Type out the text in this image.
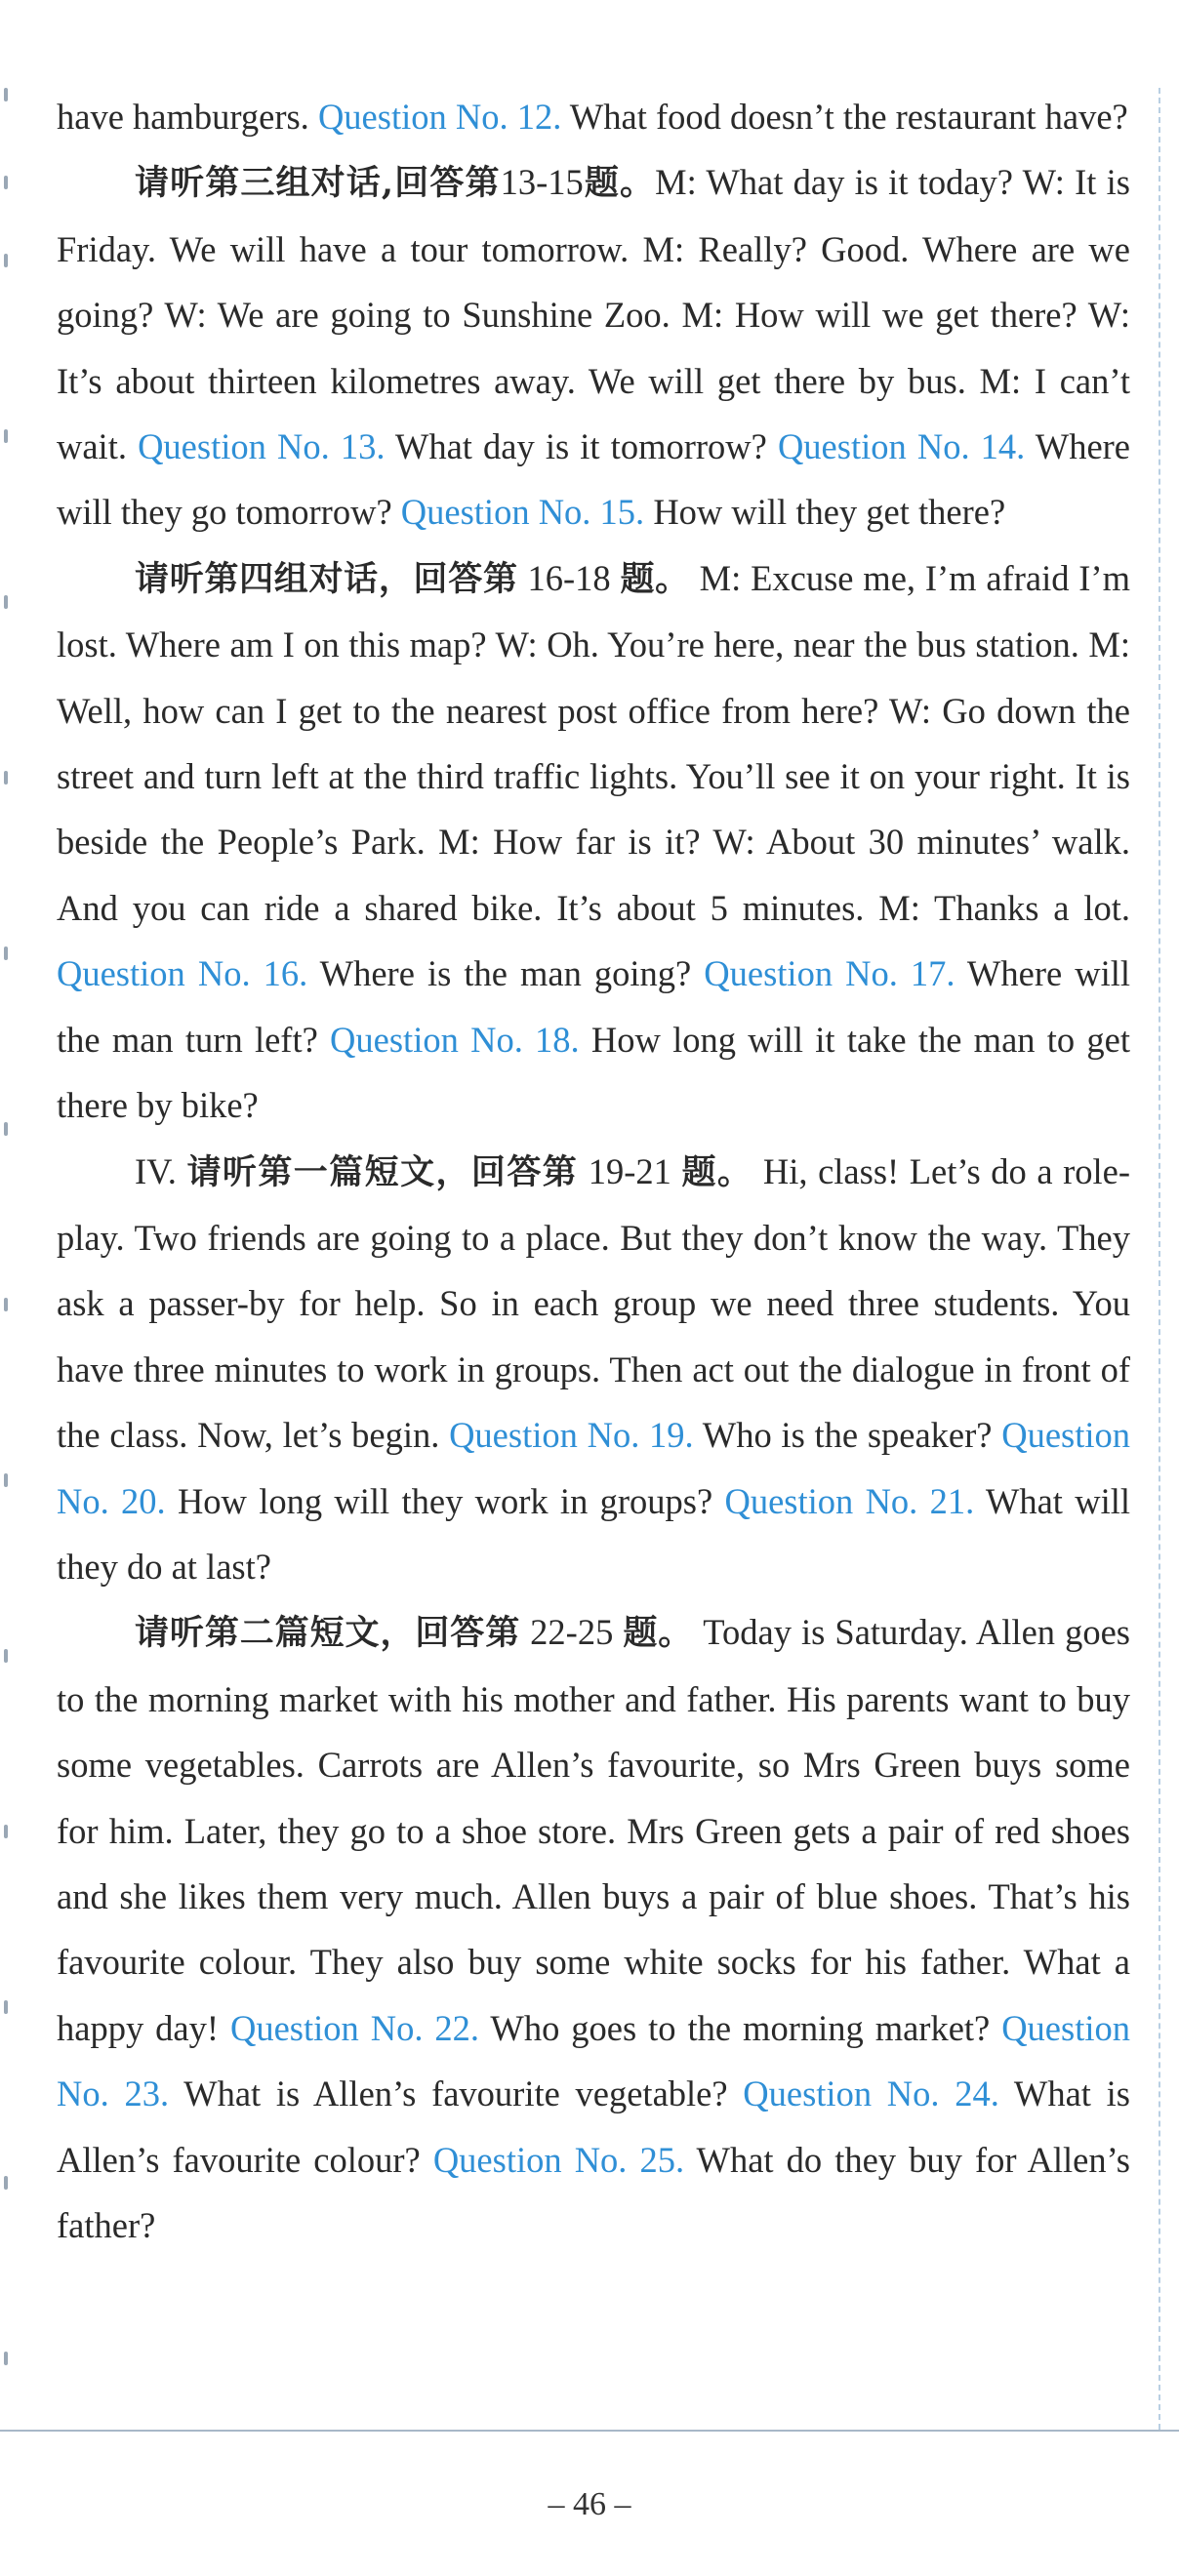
have hamburgers. Question No. 12. What food doesn’t the restaurant have?

请听第三组对话,回答第13-15题。M: What day is it today? W: It is Friday. We will have a tour tomorrow. M: Really? Good. Where are we going? W: We are going to Sunshine Zoo. M: How will we get there? W: It’s about thirteen kilometres away. We will get there by bus. M: I can’t wait. Question No. 13. What day is it tomorrow? Question No. 14. Where will they go tomorrow? Question No. 15. How will they get there?

请听第四组对话，回答第 16-18 题。 M: Excuse me, I’m afraid I’m lost. Where am I on this map? W: Oh. You’re here, near the bus station. M: Well, how can I get to the nearest post office from here? W: Go down the street and turn left at the third traffic lights. You’ll see it on your right. It is beside the People’s Park. M: How far is it? W: About 30 minutes’ walk. And you can ride a shared bike. It’s about 5 minutes. M: Thanks a lot. Question No. 16. Where is the man going? Question No. 17. Where will the man turn left? Question No. 18. How long will it take the man to get there by bike?

IV. 请听第一篇短文，回答第 19-21 题。 Hi, class! Let’s do a role-play. Two friends are going to a place. But they don’t know the way. They ask a passer-by for help. So in each group we need three students. You have three minutes to work in groups. Then act out the dialogue in front of the class. Now, let’s begin. Question No. 19. Who is the speaker? Question No. 20. How long will they work in groups? Question No. 21. What will they do at last?

请听第二篇短文，回答第 22-25 题。 Today is Saturday. Allen goes to the morning market with his mother and father. His parents want to buy some vegetables. Carrots are Allen’s favourite, so Mrs Green buys some for him. Later, they go to a shoe store. Mrs Green gets a pair of red shoes and she likes them very much. Allen buys a pair of blue shoes. That’s his favourite colour. They also buy some white socks for his father. What a happy day! Question No. 22. Who goes to the morning market? Question No. 23. What is Allen’s favourite vegetable? Question No. 24. What is Allen’s favourite colour? Question No. 25. What do they buy for Allen’s father?

– 46 –
